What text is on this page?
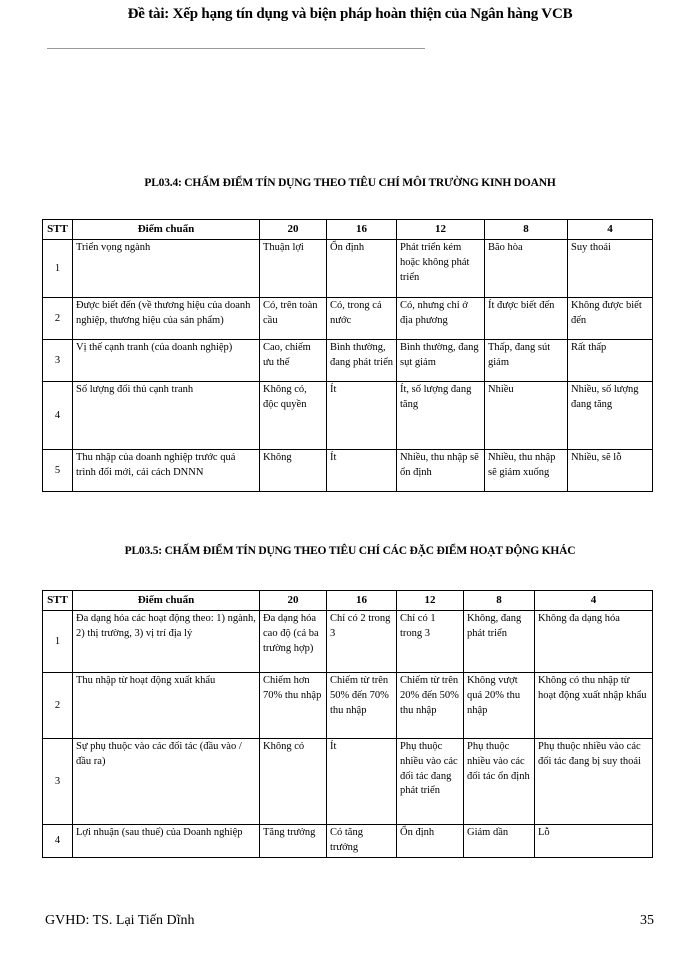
Đề tài: Xếp hạng tín dụng và biện pháp hoàn thiện của Ngân hàng VCB
PL03.4: CHẤM ĐIỂM TÍN DỤNG THEO TIÊU CHÍ MÔI TRƯỜNG KINH DOANH
STT	Điểm chuẩn	20	16	12	8	4
1	Triển vọng ngành	Thuận lợi	Ổn định	Phát triển kém hoặc không phát triển	Bão hòa	Suy thoái
2	Được biết đến (về thương hiệu của doanh nghiệp, thương hiệu của sản phẩm)	Có, trên toàn cầu	Có, trong cả nước	Có, nhưng chỉ ở địa phương	Ít được biết đến	Không được biết đến
3	Vị thế cạnh tranh (của doanh nghiệp)	Cao, chiếm ưu thế	Bình thường, đang phát triển	Bình thường, đang sụt giảm	Thấp, đang sút giảm	Rất thấp
4	Số lượng đối thủ cạnh tranh	Không có, độc quyền	Ít	Ít, số lượng đang tăng	Nhiều	Nhiều, số lượng đang tăng
5	Thu nhập của doanh nghiệp trước quá trình đổi mới, cải cách DNNN	Không	Ít	Nhiều, thu nhập sẽ ổn định	Nhiều, thu nhập sẽ giảm xuống	Nhiều, sẽ lỗ
PL03.5: CHẤM ĐIỂM TÍN DỤNG THEO TIÊU CHÍ CÁC ĐẶC ĐIỂM HOẠT ĐỘNG KHÁC
STT	Điểm chuẩn	20	16	12	8	4
1	Đa dạng hóa các hoạt động theo: 1) ngành, 2) thị trường, 3) vị trí địa lý	Đa dạng hóa cao độ (cả ba trường hợp)	Chỉ có 2 trong 3	Chỉ có 1 trong 3	Không, đang phát triển	Không đa dạng hóa
2	Thu nhập từ hoạt động xuất khẩu	Chiếm hơn 70% thu nhập	Chiếm từ trên 50% đến 70% thu nhập	Chiếm từ trên 20% đến 50% thu nhập	Không vượt quá 20% thu nhập	Không có thu nhập từ hoạt động xuất nhập khẩu
3	Sự phụ thuộc vào các đối tác (đầu vào / đầu ra)	Không có	Ít	Phụ thuộc nhiều vào các đối tác đang phát triển	Phụ thuộc nhiều vào các đối tác ổn định	Phụ thuộc nhiều vào các đối tác đang bị suy thoái
4	Lợi nhuận (sau thuế) của Doanh nghiệp	Tăng trưởng	Có tăng trưởng	Ổn định	Giảm dần	Lỗ
GVHD: TS. Lại Tiến Dĩnh	35
